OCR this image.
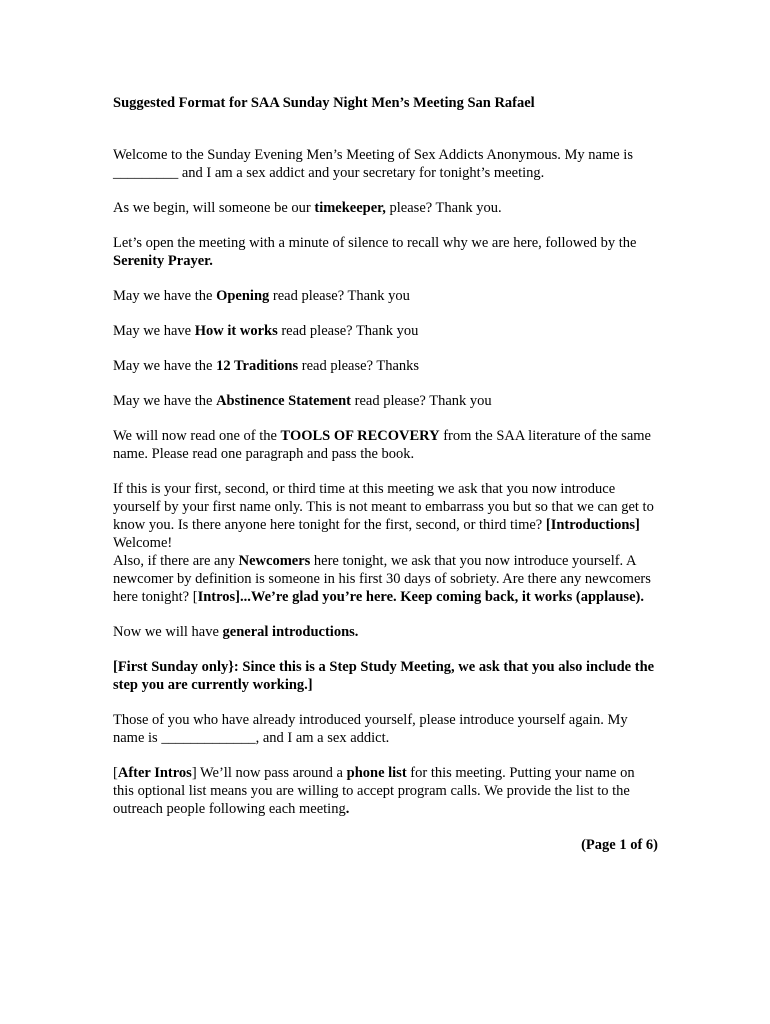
Suggested Format for SAA Sunday Night Men’s Meeting San Rafael

Welcome to the Sunday Evening Men’s Meeting of Sex Addicts Anonymous. My name is _________ and I am a sex addict and your secretary for tonight’s meeting.

As we begin, will someone be our timekeeper, please? Thank you.

Let’s open the meeting with a minute of silence to recall why we are here, followed by the Serenity Prayer.

May we have the Opening read please? Thank you

May we have How it works read please? Thank you

May we have the 12 Traditions read please? Thanks

May we have the Abstinence Statement read please? Thank you

We will now read one of the TOOLS OF RECOVERY from the SAA literature of the same name. Please read one paragraph and pass the book.

If this is your first, second, or third time at this meeting we ask that you now introduce yourself by your first name only. This is not meant to embarrass you but so that we can get to know you. Is there anyone here tonight for the first, second, or third time? [Introductions] Welcome!

Also, if there are any Newcomers here tonight, we ask that you now introduce yourself. A newcomer by definition is someone in his first 30 days of sobriety. Are there any newcomers here tonight? [Intros]...We’re glad you’re here. Keep coming back, it works (applause).

Now we will have general introductions.

[First Sunday only}: Since this is a Step Study Meeting, we ask that you also include the step you are currently working.]

Those of you who have already introduced yourself, please introduce yourself again. My name is _____________, and I am a sex addict.

[After Intros] We’ll now pass around a phone list for this meeting. Putting your name on this optional list means you are willing to accept program calls. We provide the list to the outreach people following each meeting.

(Page 1 of 6)
